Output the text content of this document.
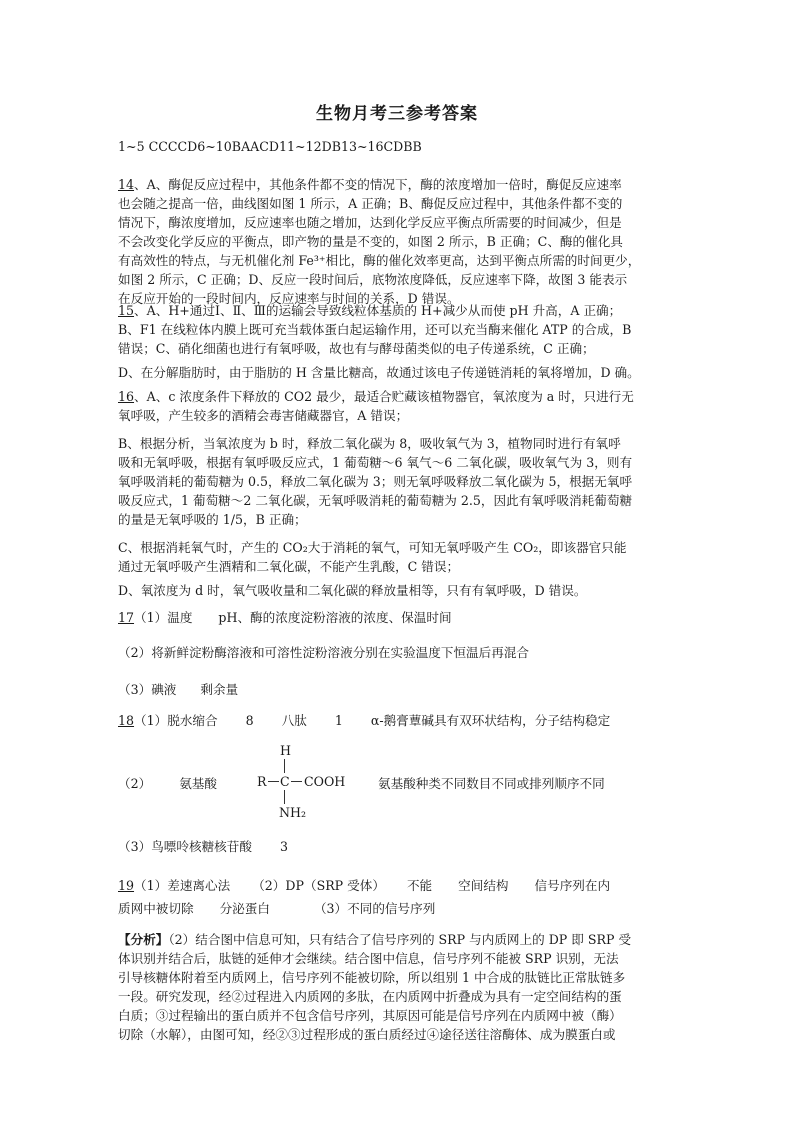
生物月考三参考答案
1~5 CCCCD6~10BAACD11~12DB13~16CDBB
14、A、酶促反应过程中，其他条件都不变的情况下，酶的浓度增加一倍时，酶促反应速率
也会随之提高一倍，曲线图如图 1 所示，A 正确；B、酶促反应过程中，其他条件都不变的
情况下，酶浓度增加，反应速率也随之增加，达到化学反应平衡点所需要的时间减少，但是
不会改变化学反应的平衡点，即产物的量是不变的，如图 2 所示，B 正确；C、酶的催化具
有高效性的特点，与无机催化剂 Fe³⁺相比，酶的催化效率更高，达到平衡点所需的时间更少，
如图 2 所示，C 正确；D、反应一段时间后，底物浓度降低，反应速率下降，故图 3 能表示
在反应开始的一段时间内，反应速率与时间的关系，D 错误。
15、A、H+通过Ⅰ、Ⅱ、Ⅲ的运输会导致线粒体基质的 H+减少从而使 pH 升高，A 正确；
B、F1 在线粒体内膜上既可充当载体蛋白起运输作用，还可以充当酶来催化 ATP 的合成，B
错误；C、硝化细菌也进行有氧呼吸，故也有与酵母菌类似的电子传递系统，C 正确；
D、在分解脂肪时，由于脂肪的 H 含量比糖高，故通过该电子传递链消耗的氧将增加，D 确。
16、A、c 浓度条件下释放的 CO2 最少，最适合贮藏该植物器官，氧浓度为 a 时，只进行无
氧呼吸，产生较多的酒精会毒害储藏器官，A 错误；
B、根据分析，当氧浓度为 b 时，释放二氧化碳为 8，吸收氧气为 3，植物同时进行有氧呼
吸和无氧呼吸，根据有氧呼吸反应式，1 葡萄糖～6 氧气～6 二氧化碳，吸收氧气为 3，则有
氧呼吸消耗的葡萄糖为 0.5，释放二氧化碳为 3；则无氧呼吸释放二氧化碳为 5，根据无氧呼
吸反应式，1 葡萄糖～2 二氧化碳，无氧呼吸消耗的葡萄糖为 2.5，因此有氧呼吸消耗葡萄糖
的量是无氧呼吸的 1/5，B 正确；
C、根据消耗氧气时，产生的 CO₂大于消耗的氧气，可知无氧呼吸产生 CO₂，即该器官只能
通过无氧呼吸产生酒精和二氧化碳，不能产生乳酸，C 错误；
D、氧浓度为 d 时，氧气吸收量和二氧化碳的释放量相等，只有有氧呼吸，D 错误。
17（1）温度 pH、酶的浓度淀粉溶液的浓度、保温时间
（2）将新鲜淀粉酶溶液和可溶性淀粉溶液分别在实验温度下恒温后再混合
（3）碘液 剩余量
18（1）脱水缩合 8 八肽 1 α-鹅膏蕈碱具有双环状结构，分子结构稳定
（2） 氨基酸
H
R C COOH
NH₂
氨基酸种类不同数目不同或排列顺序不同
（3）鸟嘌呤核糖核苷酸 3
19（1）差速离心法 （2）DP（SRP 受体） 不能 空间结构 信号序列在内
质网中被切除 分泌蛋白	（3）不同的信号序列
【分析】（2）结合图中信息可知，只有结合了信号序列的 SRP 与内质网上的 DP 即 SRP 受
体识别并结合后，肽链的延伸才会继续。结合图中信息，信号序列不能被 SRP 识别，无法
引导核糖体附着至内质网上，信号序列不能被切除，所以组别 1 中合成的肽链比正常肽链多
一段。研究发现，经②过程进入内质网的多肽，在内质网中折叠成为具有一定空间结构的蛋
白质；③过程输出的蛋白质并不包含信号序列，其原因可能是信号序列在内质网中被（酶）
切除（水解），由图可知，经②③过程形成的蛋白质经过④途径送往溶酶体、成为膜蛋白或
